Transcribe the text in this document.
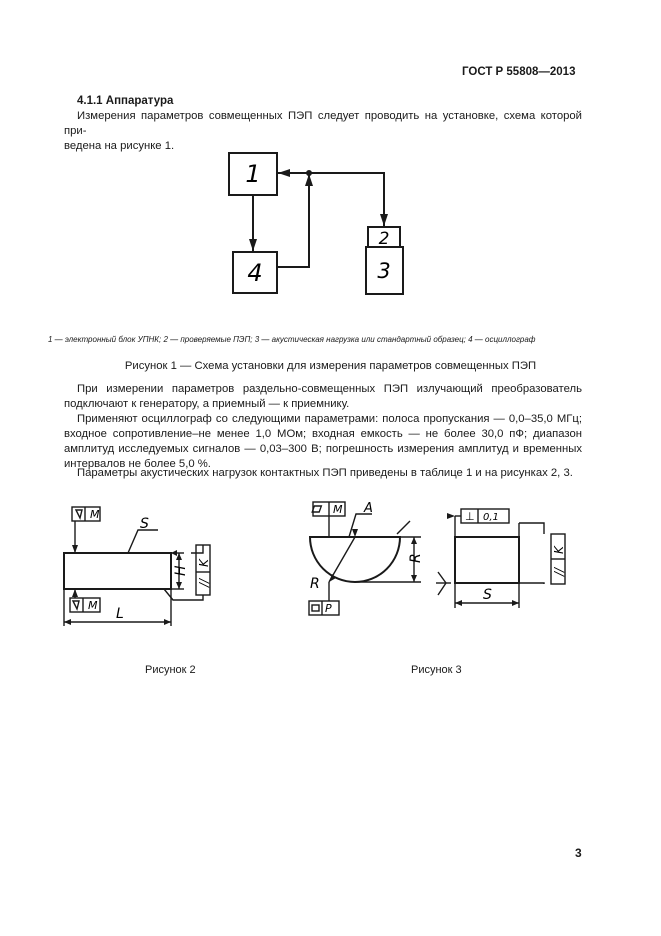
ГОСТ Р 55808—2013
4.1.1 Аппаратура
Измерения параметров совмещенных ПЭП следует проводить на установке, схема которой при-
ведена на рисунке 1.
1
4
2
3
1 — электронный блок УПНК; 2 — проверяемые ПЭП; 3 — акустическая нагрузка или стандартный образец; 4 — осциллограф
Рисунок 1 — Схема установки для измерения параметров совмещенных ПЭП
При измерении параметров раздельно-совмещенных ПЭП излучающий преобразователь подключают к генератору, а приемный — к приемнику.
Применяют осциллограф со следующими параметрами: полоса пропускания — 0,0–35,0 МГц; входное сопротивление–не менее 1,0 МОм; входная емкость — не более 30,0 пФ; диапазон амплитуд исследуемых сигналов — 0,03–300 В; погрешность измерения амплитуд и временных интервалов не более 5,0 %.
Параметры акустических нагрузок контактных ПЭП приведены в таблице 1 и на рисунках 2, 3.
M
M
S
H
K
//
L
M A
R
R
P
⊥ 0,1
K
//
S
Рисунок 2	Рисунок 3
3
